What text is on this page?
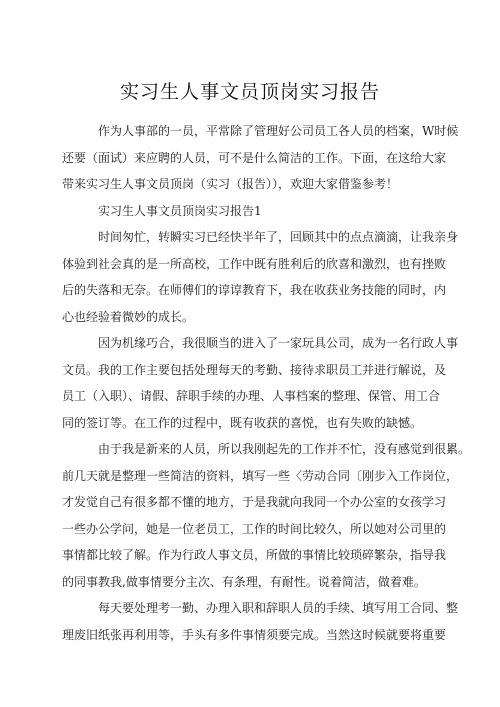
实习生人事文员顶岗实习报告
作为人事部的一员，平常除了管理好公司员工各人员的档案，W时候
还要（面试）来应聘的人员，可不是什么简洁的工作。下面，在这给大家
带来实习生人事文员顶岗（实习（报告）），欢迎大家借鉴参考！
实习生人事文员顶岗实习报告1
时间匆忙，转瞬实习已经快半年了，回顾其中的点点滴滴，让我亲身
体验到社会真的是一所高校，工作中既有胜利后的欣喜和激烈，也有挫败
后的失落和无奈。在师傅们的谆谆教育下，我在收获业务技能的同时，内
心也经验着微妙的成长。
因为机缘巧合，我很顺当的进入了一家玩具公司，成为一名行政人事
文员。我的工作主要包括处理每天的考勤、接待求职员工并进行解说，及
员工（入职）、请假、辞职手续的办理、人事档案的整理、保管、用工合
同的签订等。在工作的过程中，既有收获的喜悦，也有失败的缺憾。
由于我是新来的人员，所以我刚起先的工作并不忙，没有感觉到很累。
前几天就是整理一些简洁的资料，填写一些〈劳动合同〔刚步入工作岗位，
才发觉自己有很多都不懂的地方，于是我就向我同一个办公室的女孩学习
一些办公学问，她是一位老员工，工作的时间比较久，所以她对公司里的
事情都比较了解。作为行政人事文员，所做的事情比较琐碎繁杂，指导我
的同事教我,做事情要分主次、有条理，有耐性。说着简洁，做着难。
每天要处理考一勤、办理入职和辞职人员的手续、填写用工合同、整
理废旧纸张再利用等，手头有多件事情须要完成。当然这时候就要将重要
